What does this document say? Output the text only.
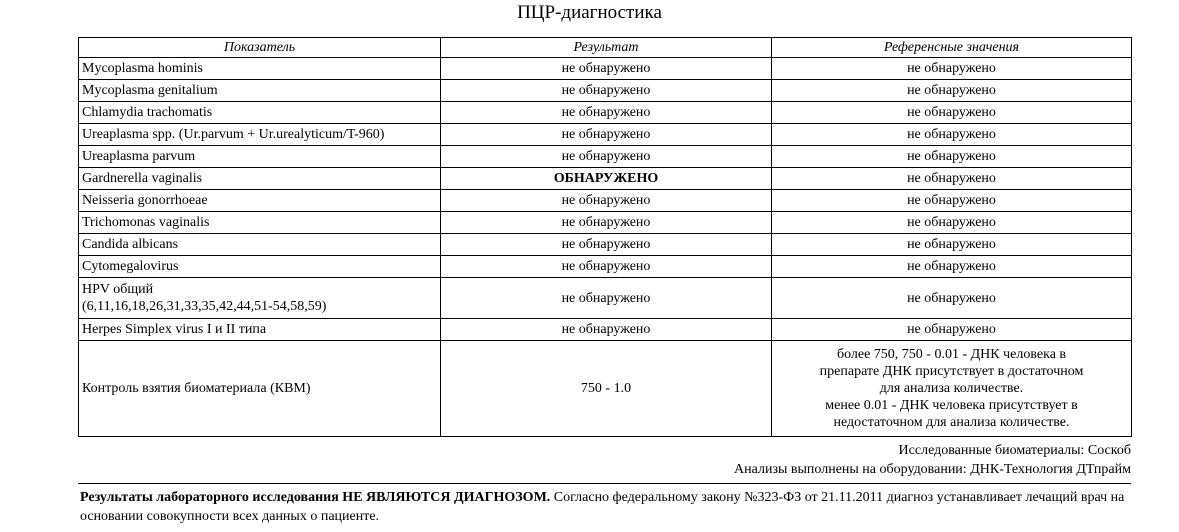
ПЦР-диагностика
Показатель	Результат	Референсные значения
Mycoplasma hominis	не обнаружено	не обнаружено
Mycoplasma genitalium	не обнаружено	не обнаружено
Chlamydia trachomatis	не обнаружено	не обнаружено
Ureaplasma spp. (Ur.parvum + Ur.urealyticum/T-960)	не обнаружено	не обнаружено
Ureaplasma parvum	не обнаружено	не обнаружено
Gardnerella vaginalis	ОБНАРУЖЕНО	не обнаружено
Neisseria gonorrhoeae	не обнаружено	не обнаружено
Trichomonas vaginalis	не обнаружено	не обнаружено
Candida albicans	не обнаружено	не обнаружено
Cytomegalovirus	не обнаружено	не обнаружено

HPV общий
(6,11,16,18,26,31,33,35,42,44,51-54,58,59)	не обнаружено	не обнаружено
Herpes Simplex virus I и II типа	не обнаружено	не обнаружено
Контроль взятия биоматериала (КВМ)	750 - 1.0	более 750, 750 - 0.01 - ДНК человека в
препарате ДНК присутствует в достаточном
для анализа количестве.
менее 0.01 - ДНК человека присутствует в
недостаточном для анализа количестве.
Исследованные биоматериалы: Соскоб
Анализы выполнены на оборудовании: ДНК-Технология ДТпрайм
Результаты лабораторного исследования НЕ ЯВЛЯЮТСЯ ДИАГНОЗОМ. Согласно федеральному закону №323-ФЗ от 21.11.2011 диагноз устанавливает лечащий врач на основании совокупности всех данных о пациенте.
